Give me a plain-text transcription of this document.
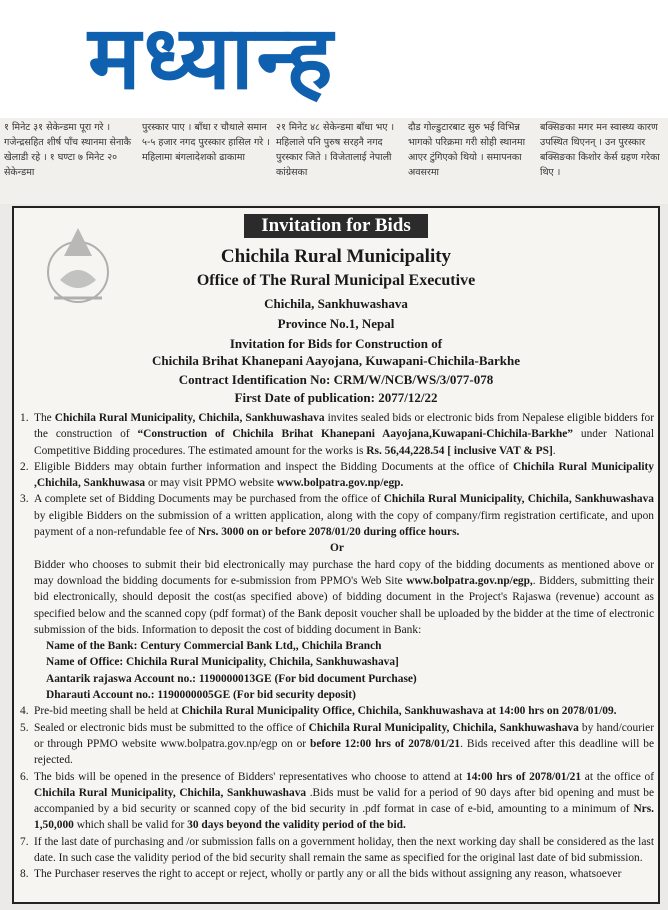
मध्यान्ह
१ मिनेट ३१ सेकेन्डमा पूरा गरे । गजेन्द्रसहित शीर्ष पाँच स्थानमा सेनाकै खेलाडी रहे । १ घण्टा ७ मिनेट २० सेकेन्डमा
पुरस्कार पाए । बाँधा र चौथाले समान ५-५ हजार नगद पुरस्कार हासिल गरे । महिलामा बंगलादेशको ढाकामा
२१ मिनेट ४८ सेकेन्डमा बाँधा भए । महिलाले पनि पुरुष सरहनै नगद पुरस्कार जिते । विजेतालाई नेपाली कांग्रेसका
दौड गोल्डुटारबाट सुरु भई विभिन्न भागको परिक्रमा गरी सोही स्थानमा आएर टुंगिएको थियो । समापनका अवसरमा
बक्सिङका मगर मन स्वास्थ्य कारण उपस्थित थिएनन् । उन पुरस्कार बक्सिङका किशोर केर्स ग्रहण गरेका थिए ।
Invitation for Bids
Chichila Rural Municipality
Office of The Rural Municipal Executive
Chichila, Sankhuwashava
Province No.1, Nepal
Invitation for Bids for Construction of
Chichila Brihat Khanepani Aayojana, Kuwapani-Chichila-Barkhe
Contract Identification No: CRM/W/NCB/WS/3/077-078
First Date of publication: 2077/12/22
1. The Chichila Rural Municipality, Chichila, Sankhuwashava invites sealed bids or electronic bids from Nepalese eligible bidders for the construction of “Construction of Chichila Brihat Khanepani Aayojana,Kuwapani-Chichila-Barkhe” under National Competitive Bidding procedures. The estimated amount for the works is Rs. 56,44,228.54 [ inclusive VAT & PS].
2. Eligible Bidders may obtain further information and inspect the Bidding Documents at the office of Chichila Rural Municipality ,Chichila, Sankhuwasa or may visit PPMO website www.bolpatra.gov.np/egp.
3. A complete set of Bidding Documents may be purchased from the office of Chichila Rural Municipality, Chichila, Sankhuwashava by eligible Bidders on the submission of a written application, along with the copy of company/firm registration certificate, and upon payment of a non-refundable fee of Nrs. 3000 on or before 2078/01/20 during office hours.
Or
Bidder who chooses to submit their bid electronically may purchase the hard copy of the bidding documents as mentioned above or may download the bidding documents for e-submission from PPMO's Web Site www.bolpatra.gov.np/egp,. Bidders, submitting their bid electronically, should deposit the cost(as specified above) of bidding document in the Project's Rajaswa (revenue) account as specified below and the scanned copy (pdf format) of the Bank deposit voucher shall be uploaded by the bidder at the time of electronic submission of the bids. Information to deposit the cost of bidding document in Bank:
Name of the Bank: Century Commercial Bank Ltd,, Chichila Branch
Name of Office: Chichila Rural Municipality, Chichila, Sankhuwashava]
Aantarik rajaswa Account no.: 1190000013GE (For bid document Purchase)
Dharauti Account no.: 1190000005GE (For bid security deposit)
4. Pre-bid meeting shall be held at Chichila Rural Municipality Office, Chichila, Sankhuwashava at 14:00 hrs on 2078/01/09.
5. Sealed or electronic bids must be submitted to the office of Chichila Rural Municipality, Chichila, Sankhuwashava by hand/courier or through PPMO website www.bolpatra.gov.np/egp on or before 12:00 hrs of 2078/01/21. Bids received after this deadline will be rejected.
6. The bids will be opened in the presence of Bidders' representatives who choose to attend at 14:00 hrs of 2078/01/21 at the office of Chichila Rural Municipality, Chichila, Sankhuwashava .Bids must be valid for a period of 90 days after bid opening and must be accompanied by a bid security or scanned copy of the bid security in .pdf format in case of e-bid, amounting to a minimum of Nrs. 1,50,000 which shall be valid for 30 days beyond the validity period of the bid.
7. If the last date of purchasing and /or submission falls on a government holiday, then the next working day shall be considered as the last date. In such case the validity period of the bid security shall remain the same as specified for the original last date of bid submission.
8. The Purchaser reserves the right to accept or reject, wholly or partly any or all the bids without assigning any reason, whatsoever
